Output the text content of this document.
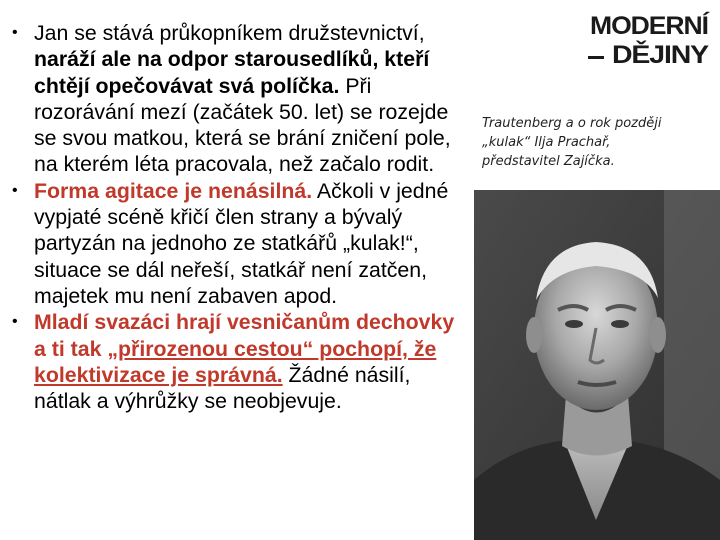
• Jan se stává průkopníkem družstevnictví, naráží ale na odpor starousedlíků, kteří chtějí opečovávat svá políčka. Při rozorávání mezí (začátek 50. let) se rozejde se svou matkou, která se brání zničení pole, na kterém léta pracovala, než začalo rodit.
• Forma agitace je nenásilná. Ačkoli v jedné vypjaté scéně křičí člen strany a bývalý partyzán na jednoho ze statkářů „kulak!“, situace se dál neřeší, statkář není zatčen, majetek mu není zabaven apod.
• Mladí svazáci hrají vesničanům dechovky a ti tak „přirozenou cestou“ pochopí, že kolektivizace je správná. Žádné násilí, nátlak a výhrůžky se neobjevuje.
MODERNÍ
DĚJINY
Trautenberg a o rok později
„kulak“ Ilja Prachař,
představitel Zajíčka.
